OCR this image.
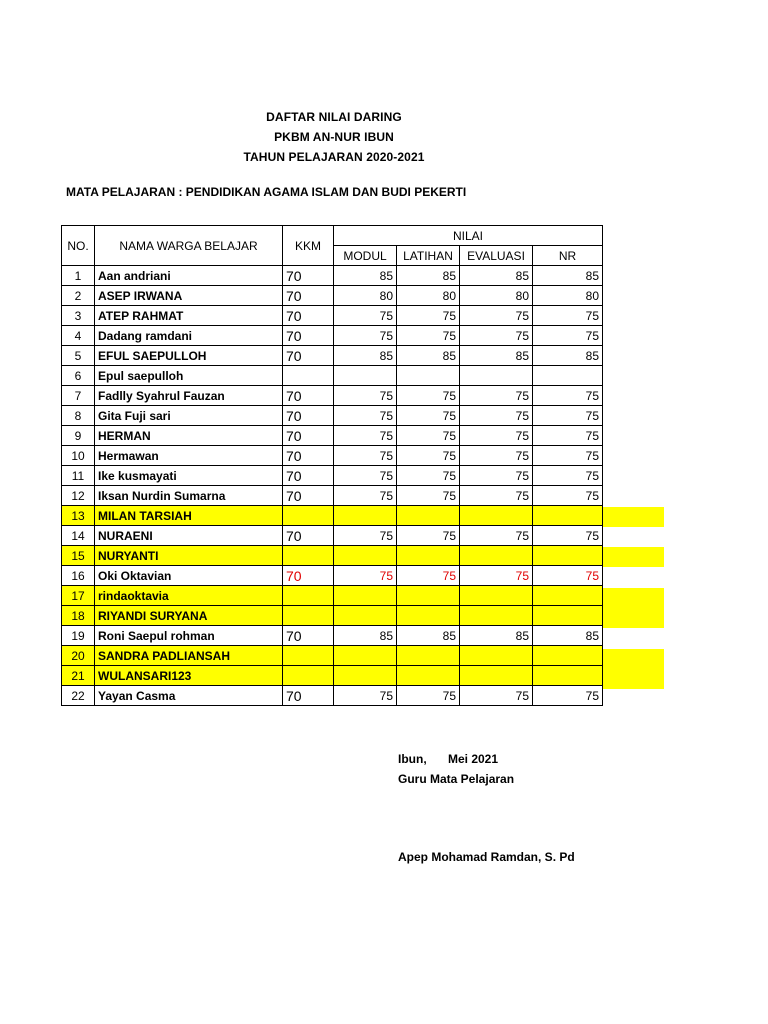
DAFTAR NILAI DARING
PKBM AN-NUR IBUN
TAHUN PELAJARAN 2020-2021
MATA PELAJARAN : PENDIDIKAN AGAMA ISLAM DAN BUDI PEKERTI
NO.	NAMA WARGA BELAJAR	KKM	NILAI			
			MODUL	LATIHAN	EVALUASI	NR
1	Aan andriani	70	85	85	85	85
2	ASEP IRWANA	70	80	80	80	80
3	ATEP RAHMAT	70	75	75	75	75
4	Dadang ramdani	70	75	75	75	75
5	EFUL SAEPULLOH	70	85	85	85	85
6	Epul saepulloh					
7	Fadlly Syahrul Fauzan	70	75	75	75	75
8	Gita Fuji sari	70	75	75	75	75
9	HERMAN	70	75	75	75	75
10	Hermawan	70	75	75	75	75
11	Ike kusmayati	70	75	75	75	75
12	Iksan Nurdin Sumarna	70	75	75	75	75
13	MILAN TARSIAH					
14	NURAENI	70	75	75	75	75
15	NURYANTI					
16	Oki Oktavian	70	75	75	75	75
17	rindaoktavia					
18	RIYANDI SURYANA					
19	Roni Saepul rohman	70	85	85	85	85
20	SANDRA PADLIANSAH					
21	WULANSARI123					
22	Yayan Casma	70	75	75	75	75
Ibun, Mei 2021
Guru Mata Pelajaran
Apep Mohamad Ramdan, S. Pd
